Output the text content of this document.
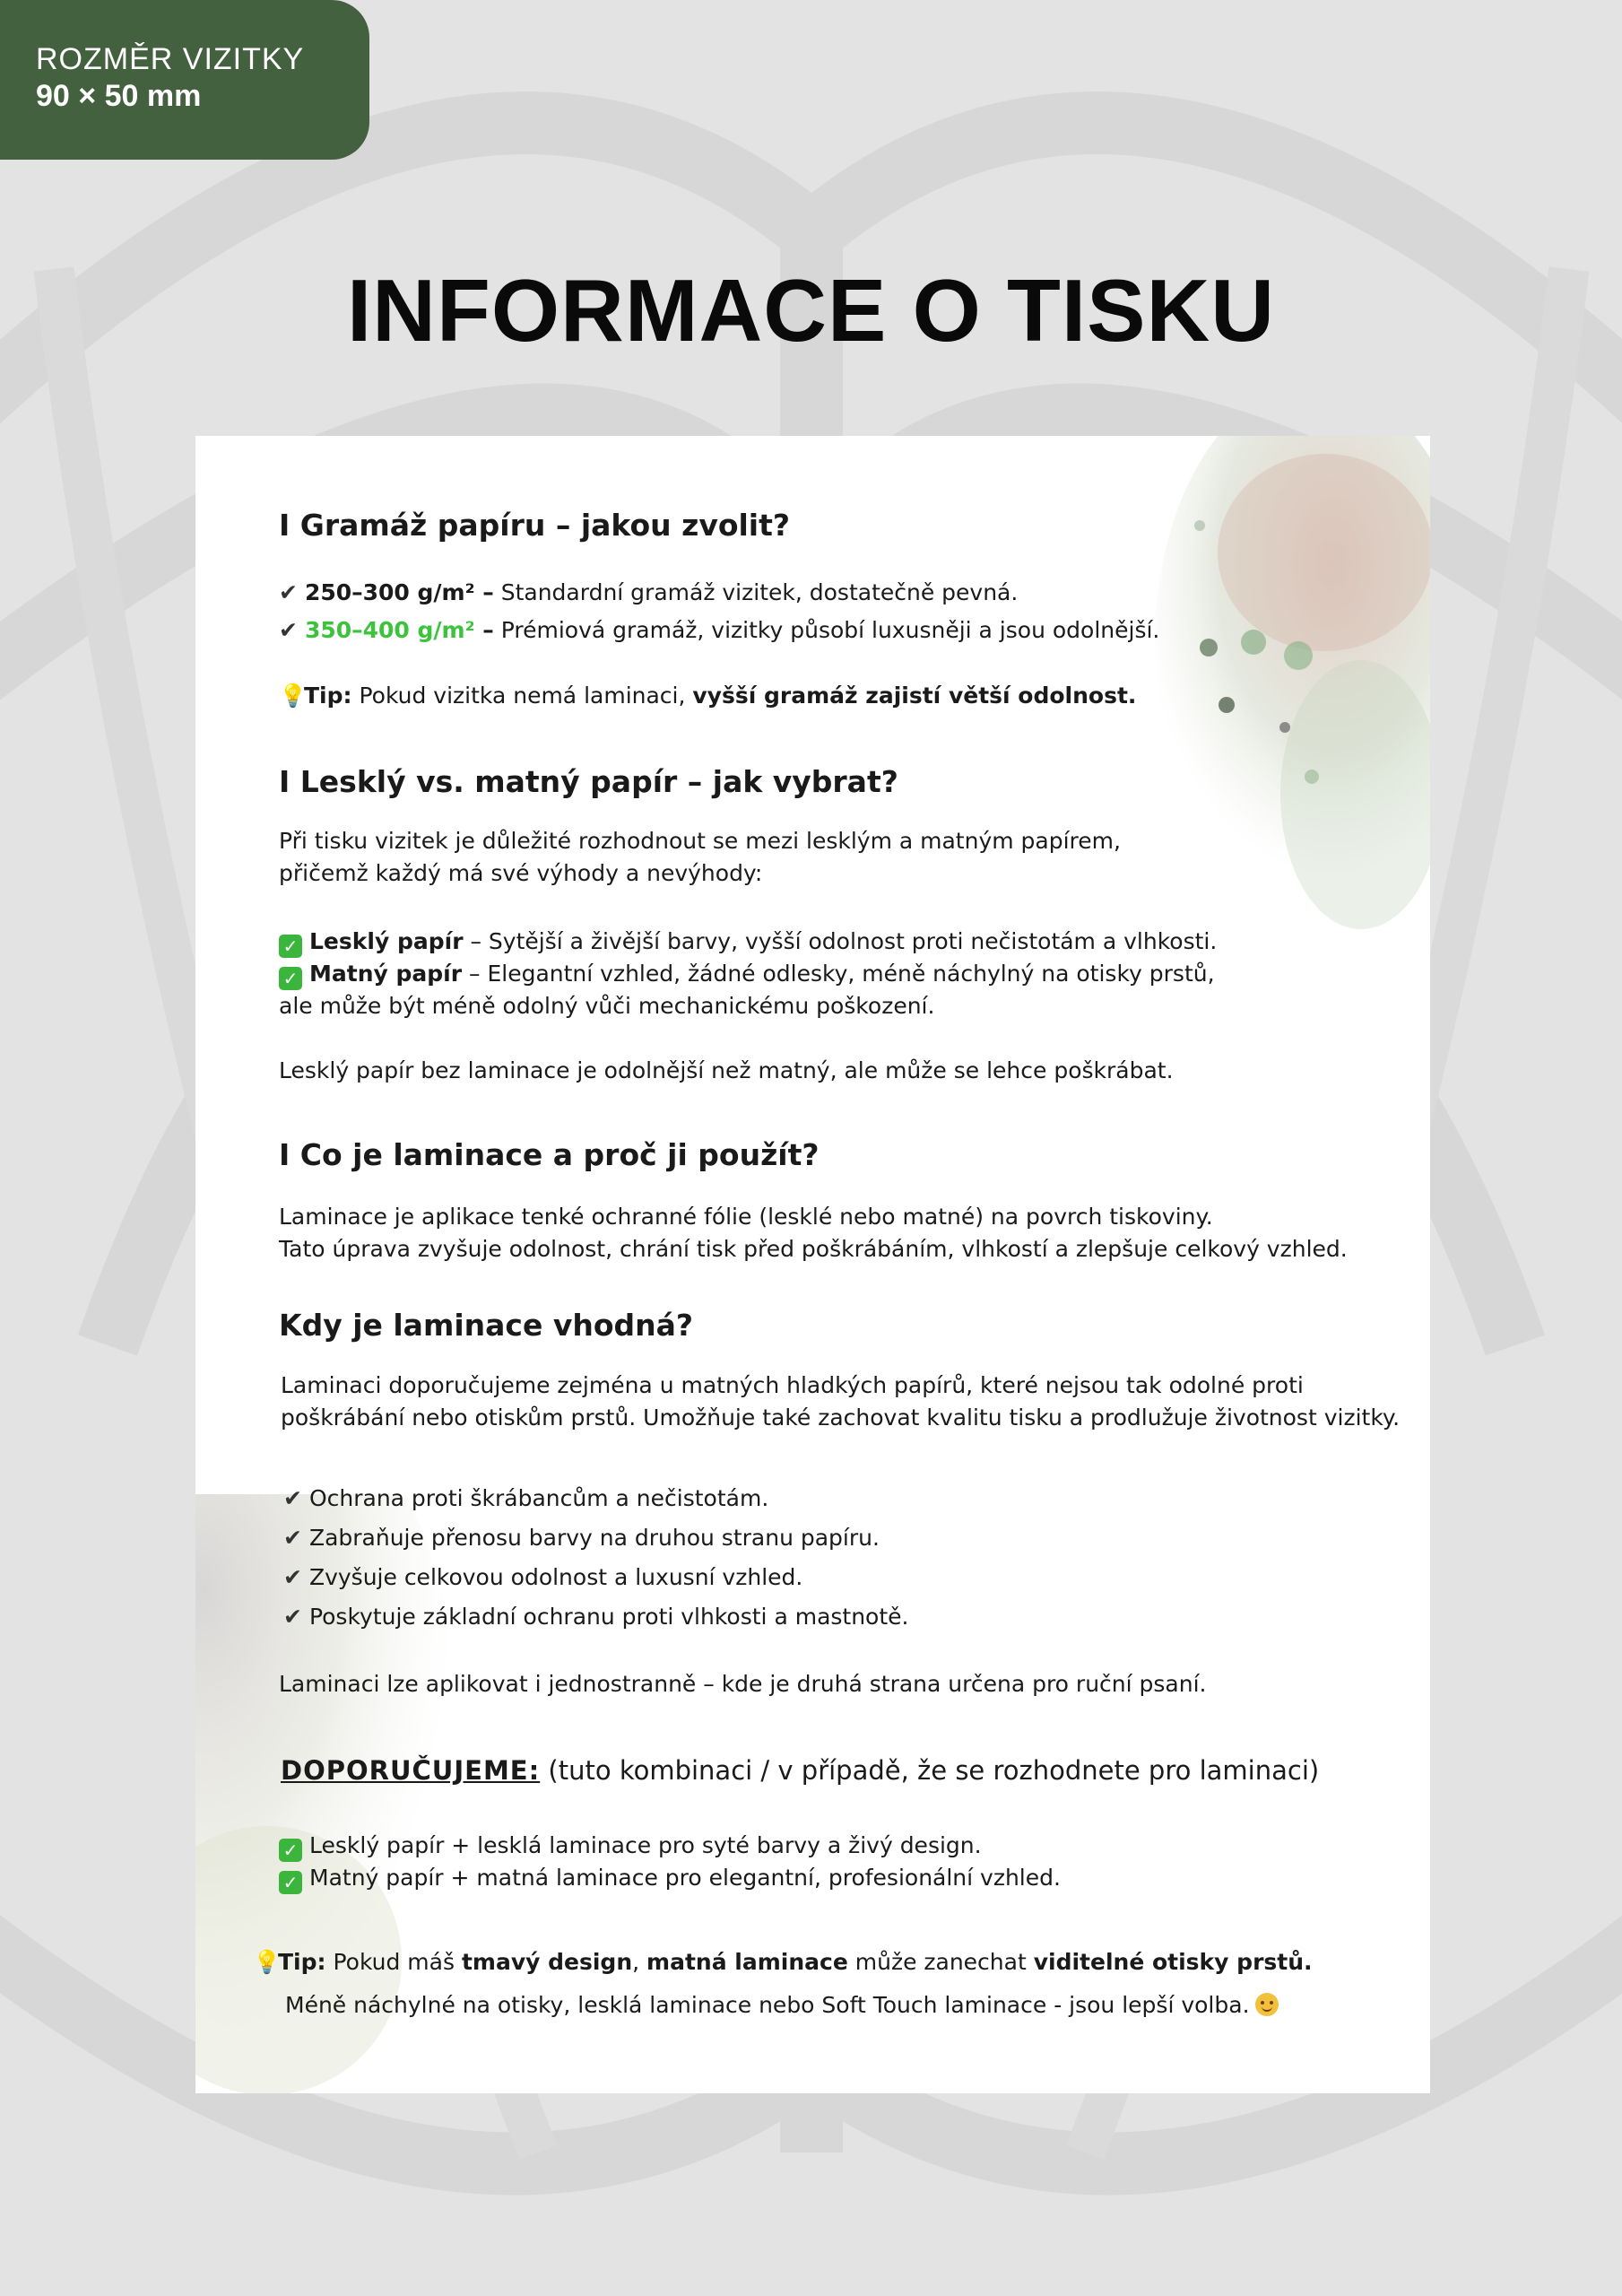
ROZMĚR VIZITKY
90 × 50 mm
INFORMACE O TISKU
I Gramáž papíru – jakou zvolit?
✔ 250–300 g/m² – Standardní gramáž vizitek, dostatečně pevná.
✔ 350–400 g/m² – Prémiová gramáž, vizitky působí luxusněji a jsou odolnější.
💡Tip: Pokud vizitka nemá laminaci, vyšší gramáž zajistí větší odolnost.
I Lesklý vs. matný papír – jak vybrat?
Při tisku vizitek je důležité rozhodnout se mezi lesklým a matným papírem,
přičemž každý má své výhody a nevýhody:
✓ Lesklý papír – Sytější a živější barvy, vyšší odolnost proti nečistotám a vlhkosti.
✓ Matný papír – Elegantní vzhled, žádné odlesky, méně náchylný na otisky prstů,
ale může být méně odolný vůči mechanickému poškození.
Lesklý papír bez laminace je odolnější než matný, ale může se lehce poškrábat.
I Co je laminace a proč ji použít?
Laminace je aplikace tenké ochranné fólie (lesklé nebo matné) na povrch tiskoviny.
Tato úprava zvyšuje odolnost, chrání tisk před poškrábáním, vlhkostí a zlepšuje celkový vzhled.
Kdy je laminace vhodná?
Laminaci doporučujeme zejména u matných hladkých papírů, které nejsou tak odolné proti
poškrábání nebo otiskům prstů. Umožňuje také zachovat kvalitu tisku a prodlužuje životnost vizitky.
✔ Ochrana proti škrábancům a nečistotám.
✔ Zabraňuje přenosu barvy na druhou stranu papíru.
✔ Zvyšuje celkovou odolnost a luxusní vzhled.
✔ Poskytuje základní ochranu proti vlhkosti a mastnotě.
Laminaci lze aplikovat i jednostranně – kde je druhá strana určena pro ruční psaní.
DOPORUČUJEME: (tuto kombinaci / v případě, že se rozhodnete pro laminaci)
✓ Lesklý papír + lesklá laminace pro syté barvy a živý design.
✓ Matný papír + matná laminace pro elegantní, profesionální vzhled.
💡Tip: Pokud máš tmavý design, matná laminace může zanechat viditelné otisky prstů.
Méně náchylné na otisky, lesklá laminace nebo Soft Touch laminace - jsou lepší volba.
